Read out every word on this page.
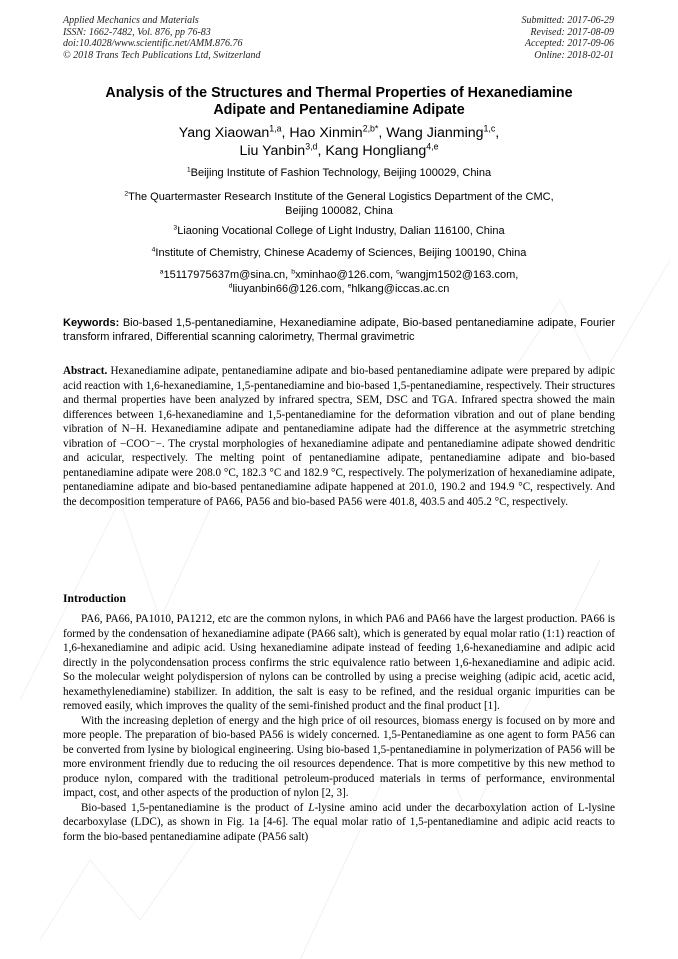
Applied Mechanics and Materials
ISSN: 1662-7482, Vol. 876, pp 76-83
doi:10.4028/www.scientific.net/AMM.876.76
© 2018 Trans Tech Publications Ltd, Switzerland
Submitted: 2017-06-29
Revised: 2017-08-09
Accepted: 2017-09-06
Online: 2018-02-01
Analysis of the Structures and Thermal Properties of Hexanediamine
Adipate and Pentanediamine Adipate
Yang Xiaowan$^{1,a}$, Hao Xinmin$^{2,b*}$, Wang Jianming$^{1,c}$,
Liu Yanbin$^{3,d}$, Kang Hongliang$^{4,e}$
$^1$Beijing Institute of Fashion Technology, Beijing 100029, China
$^2$The Quartermaster Research Institute of the General Logistics Department of the CMC,
Beijing 100082, China
$^3$Liaoning Vocational College of Light Industry, Dalian 116100, China
$^4$Institute of Chemistry, Chinese Academy of Sciences, Beijing 100190, China
$^a$15117975637m@sina.cn, $^b$xminhao@126.com, $^c$wangjm1502@163.com,
$^d$liuyanbin66@126.com, $^e$hlkang@iccas.ac.cn
Keywords: Bio-based 1,5-pentanediamine, Hexanediamine adipate, Bio-based pentanediamine adipate, Fourier transform infrared, Differential scanning calorimetry, Thermal gravimetric

Abstract. Hexanediamine adipate, pentanediamine adipate and bio-based pentanediamine adipate were prepared by adipic acid reaction with 1,6-hexanediamine, 1,5-pentanediamine and bio-based 1,5-pentanediamine, respectively. Their structures and thermal properties have been analyzed by infrared spectra, SEM, DSC and TGA. Infrared spectra showed the main differences between 1,6-hexanediamine and 1,5-pentanediamine for the deformation vibration and out of plane bending vibration of N−H. Hexanediamine adipate and pentanediamine adipate had the difference at the asymmetric stretching vibration of −COO⁻−. The crystal morphologies of hexanediamine adipate and pentanediamine adipate showed dendritic and acicular, respectively. The melting point of pentanediamine adipate, pentanediamine adipate and bio-based pentanediamine adipate were 208.0 °C, 182.3 °C and 182.9 °C, respectively. The polymerization of hexanediamine adipate, pentanediamine adipate and bio-based pentanediamine adipate happened at 201.0, 190.2 and 194.9 °C, respectively. And the decomposition temperature of PA66, PA56 and bio-based PA56 were 401.8, 403.5 and 405.2 °C, respectively.

Introduction

PA6, PA66, PA1010, PA1212, etc are the common nylons, in which PA6 and PA66 have the largest production. PA66 is formed by the condensation of hexanediamine adipate (PA66 salt), which is generated by equal molar ratio (1:1) reaction of 1,6-hexanediamine and adipic acid. Using hexanediamine adipate instead of feeding 1,6-hexanediamine and adipic acid directly in the polycondensation process confirms the stric equivalence ratio between 1,6-hexanediamine and adipic acid. So the molecular weight polydispersion of nylons can be controlled by using a precise weighing (adipic acid, acetic acid, hexamethylenediamine) stabilizer. In addition, the salt is easy to be refined, and the residual organic impurities can be removed easily, which improves the quality of the semi-finished product and the final product [1].

With the increasing depletion of energy and the high price of oil resources, biomass energy is focused on by more and more people. The preparation of bio-based PA56 is widely concerned. 1,5-Pentanediamine as one agent to form PA56 can be converted from lysine by biological engineering. Using bio-based 1,5-pentanediamine in polymerization of PA56 will be more environment friendly due to reducing the oil resources dependence. That is more competitive by this new method to produce nylon, compared with the traditional petroleum-produced materials in terms of performance, environmental impact, cost, and other aspects of the production of nylon [2, 3].

Bio-based 1,5-pentanediamine is the product of L-lysine amino acid under the decarboxylation action of L-lysine decarboxylase (LDC), as shown in Fig. 1a [4-6]. The equal molar ratio of 1,5-pentanediamine and adipic acid reacts to form the bio-based pentanediamine adipate (PA56 salt)
